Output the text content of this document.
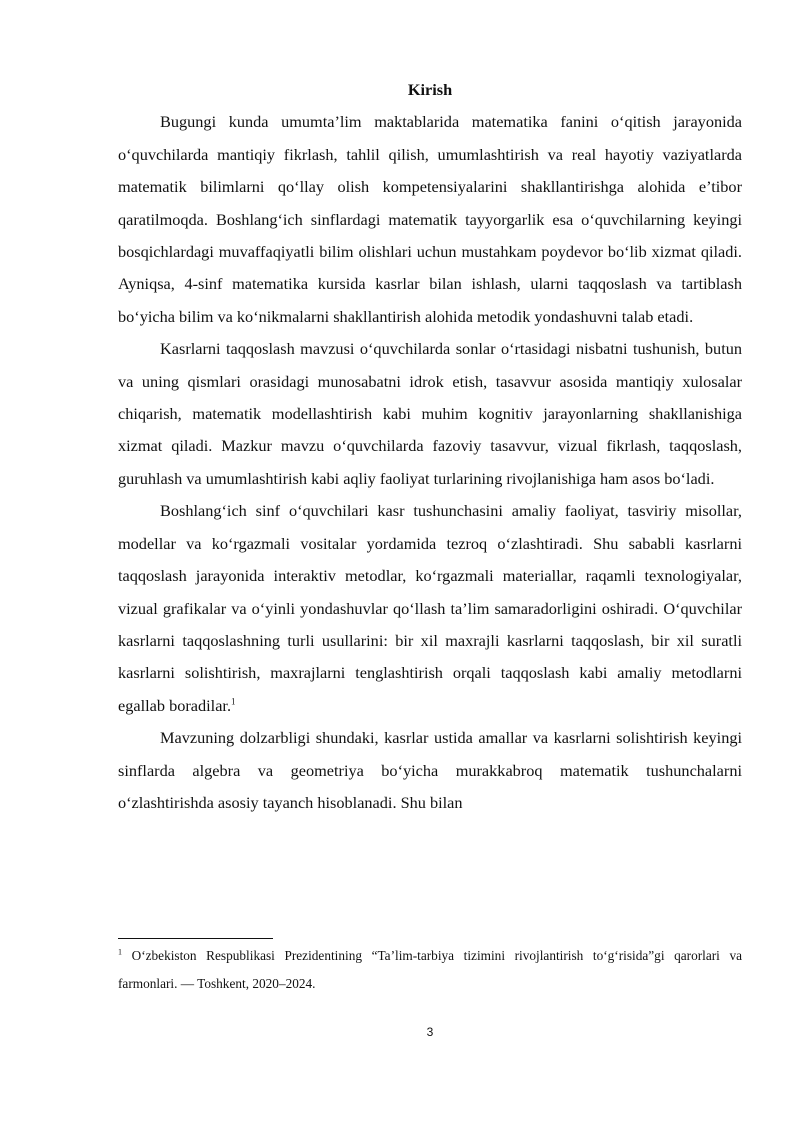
Kirish

Bugungi kunda umumta’lim maktablarida matematika fanini o‘qitish jarayonida o‘quvchilarda mantiqiy fikrlash, tahlil qilish, umumlashtirish va real hayotiy vaziyatlarda matematik bilimlarni qo‘llay olish kompetensiyalarini shakllantirishga alohida e’tibor qaratilmoqda. Boshlang‘ich sinflardagi matematik tayyorgarlik esa o‘quvchilarning keyingi bosqichlardagi muvaffaqiyatli bilim olishlari uchun mustahkam poydevor bo‘lib xizmat qiladi. Ayniqsa, 4-sinf matematika kursida kasrlar bilan ishlash, ularni taqqoslash va tartiblash bo‘yicha bilim va ko‘nikmalarni shakllantirish alohida metodik yondashuvni talab etadi.

Kasrlarni taqqoslash mavzusi o‘quvchilarda sonlar o‘rtasidagi nisbatni tushunish, butun va uning qismlari orasidagi munosabatni idrok etish, tasavvur asosida mantiqiy xulosalar chiqarish, matematik modellashtirish kabi muhim kognitiv jarayonlarning shakllanishiga xizmat qiladi. Mazkur mavzu o‘quvchilarda fazoviy tasavvur, vizual fikrlash, taqqoslash, guruhlash va umumlashtirish kabi aqliy faoliyat turlarining rivojlanishiga ham asos bo‘ladi.

Boshlang‘ich sinf o‘quvchilari kasr tushunchasini amaliy faoliyat, tasviriy misollar, modellar va ko‘rgazmali vositalar yordamida tezroq o‘zlashtiradi. Shu sababli kasrlarni taqqoslash jarayonida interaktiv metodlar, ko‘rgazmali materiallar, raqamli texnologiyalar, vizual grafikalar va o‘yinli yondashuvlar qo‘llash ta’lim samaradorligini oshiradi. O‘quvchilar kasrlarni taqqoslashning turli usullarini: bir xil maxrajli kasrlarni taqqoslash, bir xil suratli kasrlarni solishtirish, maxrajlarni tenglashtirish orqali taqqoslash kabi amaliy metodlarni egallab boradilar.$^1$

Mavzuning dolzarbligi shundaki, kasrlar ustida amallar va kasrlarni solishtirish keyingi sinflarda algebra va geometriya bo‘yicha murakkabroq matematik tushunchalarni o‘zlashtirishda asosiy tayanch hisoblanadi. Shu bilan

$^1$ O‘zbekiston Respublikasi Prezidentining “Ta’lim-tarbiya tizimini rivojlantirish to‘g‘risida”gi qarorlari va farmonlari. — Toshkent, 2020–2024.

3
